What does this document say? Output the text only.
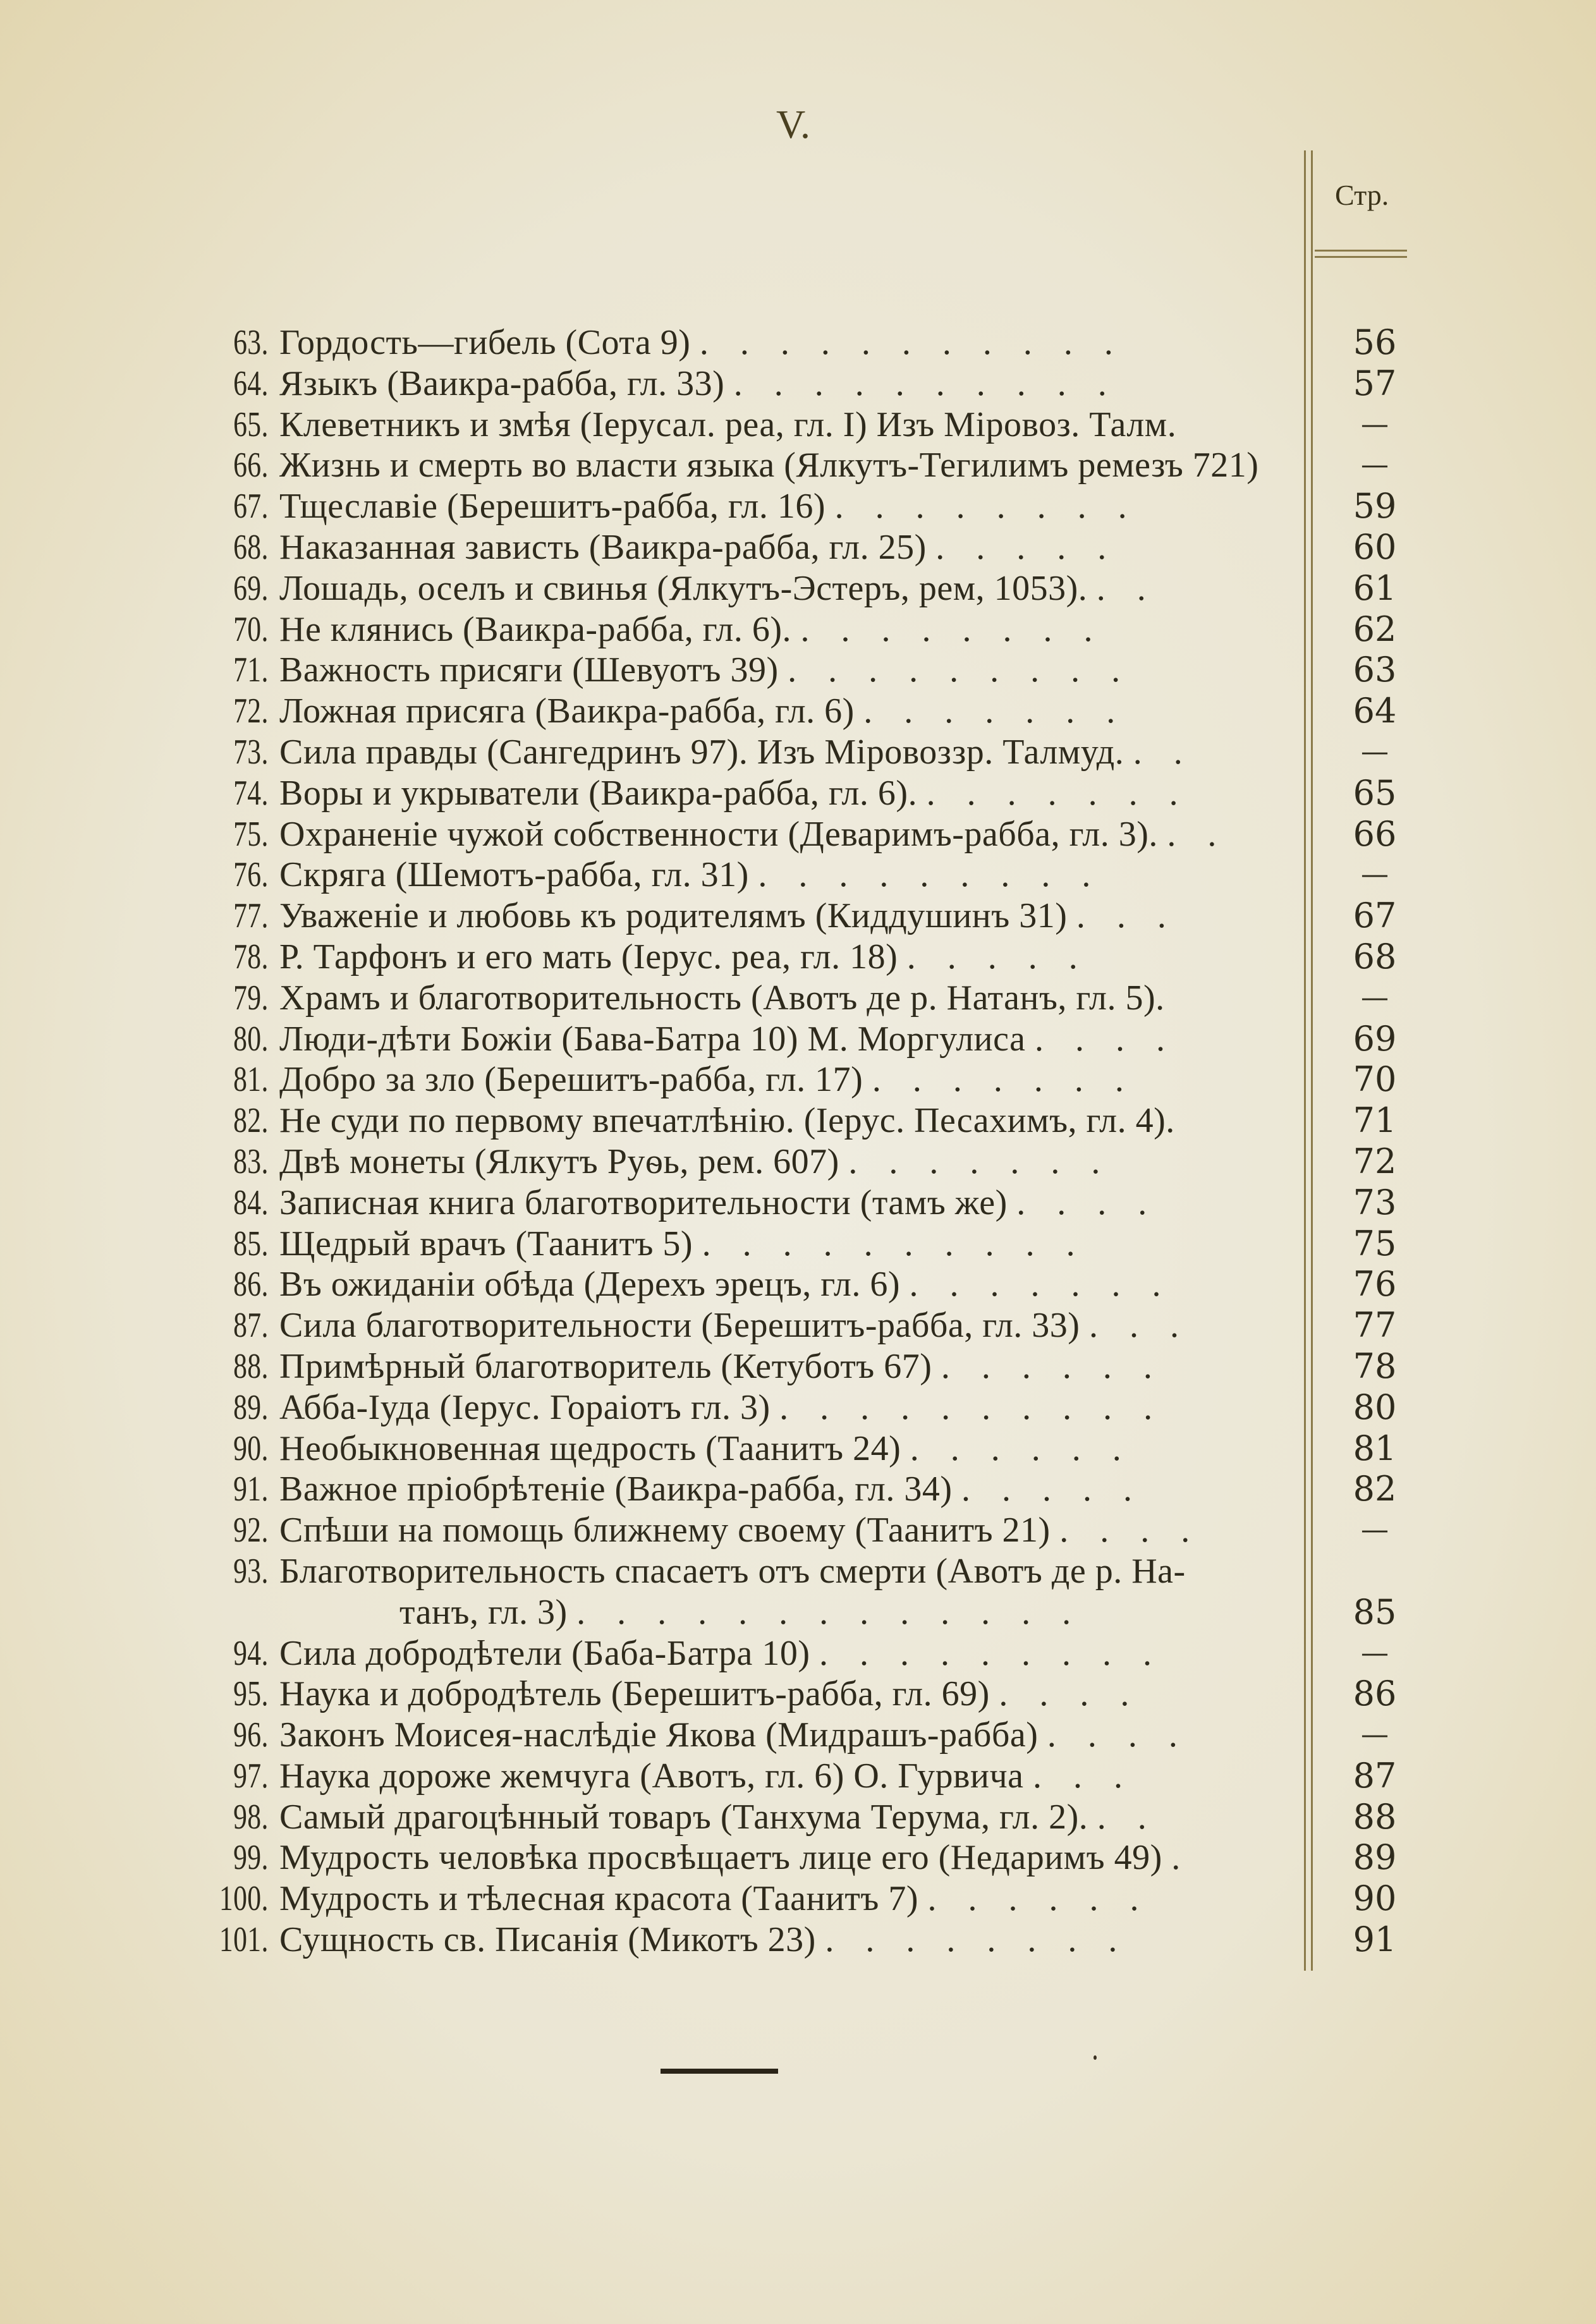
V.
Стр.
63. Гордость—гибель (Сота 9) . . . . . . . . . . .
64. Языкъ (Ваикра-рабба, гл. 33) . . . . . . . . . .
65. Клеветникъ и змѣя (Іерусал. реа, гл. I) Изъ Міровоз. Талм.
66. Жизнь и смерть во власти языка (Ялкутъ-Тегилимъ ремезъ 721)
67. Тщеславіе (Берешитъ-рабба, гл. 16) . . . . . . . .
68. Наказанная зависть (Ваикра-рабба, гл. 25) . . . . .
69. Лошадь, оселъ и свинья (Ялкутъ-Эстеръ, рем, 1053). . .
70. Не клянись (Ваикра-рабба, гл. 6). . . . . . . . .
71. Важность присяги (Шевуотъ 39) . . . . . . . . .
72. Ложная присяга (Ваикра-рабба, гл. 6) . . . . . . .
73. Сила правды (Сангедринъ 97). Изъ Міровоззр. Талмуд. . .
74. Воры и укрыватели (Ваикра-рабба, гл. 6). . . . . . . .
75. Охраненіе чужой собственности (Деваримъ-рабба, гл. 3). . .
76. Скряга (Шемотъ-рабба, гл. 31) . . . . . . . . .
77. Уваженіе и любовь къ родителямъ (Киддушинъ 31) . . .
78. Р. Тарфонъ и его мать (Іерус. реа, гл. 18) . . . . .
79. Храмъ и благотворительность (Авотъ де р. Натанъ, гл. 5).
80. Люди-дѣти Божіи (Бава-Батра 10) М. Моргулиса . . . .
81. Добро за зло (Берешитъ-рабба, гл. 17) . . . . . . .
82. Не суди по первому впечатлѣнію. (Іерус. Песахимъ, гл. 4).
83. Двѣ монеты (Ялкутъ Руѳь, рем. 607) . . . . . . .
84. Записная книга благотворительности (тамъ же) . . . .
85. Щедрый врачъ (Таанитъ 5) . . . . . . . . . .
86. Въ ожиданіи обѣда (Дерехъ эрецъ, гл. 6) . . . . . . .
87. Сила благотворительности (Берешитъ-рабба, гл. 33) . . .
88. Примѣрный благотворитель (Кетуботъ 67) . . . . . .
89. Абба-Іуда (Іерус. Гораіотъ гл. 3) . . . . . . . . . .
90. Необыкновенная щедрость (Таанитъ 24) . . . . . .
91. Важное пріобрѣтеніе (Ваикра-рабба, гл. 34) . . . . .
92. Спѣши на помощь ближнему своему (Таанитъ 21) . . . .
93. Благотворительность спасаетъ отъ смерти (Авотъ де р. На-
танъ, гл. 3) . . . . . . . . . . . . .
94. Сила добродѣтели (Баба-Батра 10) . . . . . . . . .
95. Наука и добродѣтель (Берешитъ-рабба, гл. 69) . . . .
96. Законъ Моисея-наслѣдіе Якова (Мидрашъ-рабба) . . . .
97. Наука дороже жемчуга (Авотъ, гл. 6) О. Гурвича . . .
98. Самый драгоцѣнный товаръ (Танхума Терума, гл. 2). . .
99. Мудрость человѣка просвѣщаетъ лице его (Недаримъ 49) .
100. Мудрость и тѣлесная красота (Таанитъ 7) . . . . . .
101. Сущность св. Писанія (Микотъ 23) . . . . . . . .
56
57
—
—
59
60
61
62
63
64
—
65
66
—
67
68
—
69
70
71
72
73
75
76
77
78
80
81
82
—
85
—
86
—
87
88
89
90
91
